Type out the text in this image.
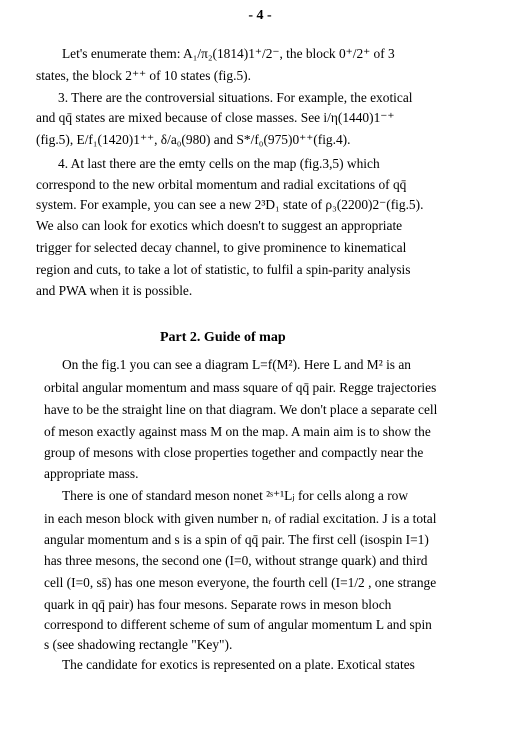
- 4 -
Let's enumerate them: A₁/π₂(1814)1⁺/2⁻, the block 0⁺/2⁺ of 3
states, the block 2⁺⁺ of 10 states (fig.5).
3. There are the controversial situations. For example, the exotical
and qq̄ states are mixed because of close masses. See i/η(1440)1⁻⁺
(fig.5), E/f₁(1420)1⁺⁺, δ/a₀(980) and S*/f₀(975)0⁺⁺(fig.4).
4. At last there are the emty cells on the map (fig.3,5) which
correspond to the new orbital momentum and radial excitations of qq̄
system. For example, you can see a new 2³D₁ state of ρ₃(2200)2⁻(fig.5).
We also can look for exotics which doesn't to suggest an appropriate
trigger for selected decay channel, to give prominence to kinematical
region and cuts, to take a lot of statistic, to fulfil a spin-parity analysis
and PWA when it is possible.
Part 2. Guide of map
On the fig.1 you can see a diagram L=f(M²). Here L and M² is an
orbital angular momentum and mass square of qq̄ pair. Regge trajectories
have to be the straight line on that diagram. We don't place a separate cell
of meson exactly against mass M on the map. A main aim is to show the
group of mesons with close properties together and compactly near the
appropriate mass.
There is one of standard meson nonet ²ˢ⁺¹Lⱼ for cells along a row
in each meson block with given number nᵣ of radial excitation. J is a total
angular momentum and s is a spin of qq̄ pair. The first cell (isospin I=1)
has three mesons, the second one (I=0, without strange quark) and third
cell (I=0, ss̄) has one meson everyone, the fourth cell (I=1/2 , one strange
quark in qq̄ pair) has four mesons. Separate rows in meson bloch
correspond to different scheme of sum of angular momentum L and spin
s (see shadowing rectangle "Key").
The candidate for exotics is represented on a plate. Exotical states
